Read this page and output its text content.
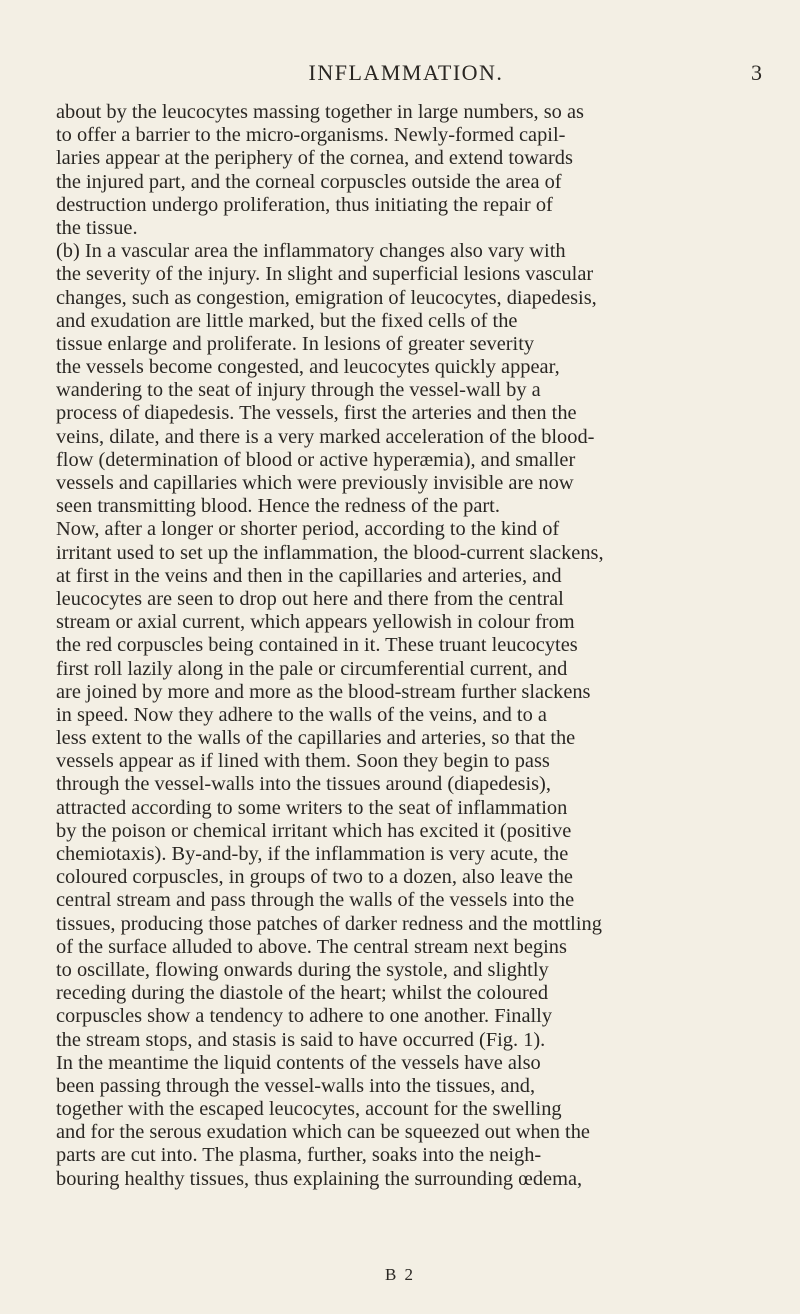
INFLAMMATION.	3
about by the leucocytes massing together in large numbers, so as
to offer a barrier to the micro-organisms. Newly-formed capil-
laries appear at the periphery of the cornea, and extend towards
the injured part, and the corneal corpuscles outside the area of
destruction undergo proliferation, thus initiating the repair of
the tissue.
(b) In a vascular area the inflammatory changes also vary with
the severity of the injury. In slight and superficial lesions vascular
changes, such as congestion, emigration of leucocytes, diapedesis,
and exudation are little marked, but the fixed cells of the
tissue enlarge and proliferate. In lesions of greater severity
the vessels become congested, and leucocytes quickly appear,
wandering to the seat of injury through the vessel-wall by a
process of diapedesis. The vessels, first the arteries and then the
veins, dilate, and there is a very marked acceleration of the blood-
flow (determination of blood or active hyperæmia), and smaller
vessels and capillaries which were previously invisible are now
seen transmitting blood. Hence the redness of the part.
Now, after a longer or shorter period, according to the kind of
irritant used to set up the inflammation, the blood-current slackens,
at first in the veins and then in the capillaries and arteries, and
leucocytes are seen to drop out here and there from the central
stream or axial current, which appears yellowish in colour from
the red corpuscles being contained in it. These truant leucocytes
first roll lazily along in the pale or circumferential current, and
are joined by more and more as the blood-stream further slackens
in speed. Now they adhere to the walls of the veins, and to a
less extent to the walls of the capillaries and arteries, so that the
vessels appear as if lined with them. Soon they begin to pass
through the vessel-walls into the tissues around (diapedesis),
attracted according to some writers to the seat of inflammation
by the poison or chemical irritant which has excited it (positive
chemiotaxis). By-and-by, if the inflammation is very acute, the
coloured corpuscles, in groups of two to a dozen, also leave the
central stream and pass through the walls of the vessels into the
tissues, producing those patches of darker redness and the mottling
of the surface alluded to above. The central stream next begins
to oscillate, flowing onwards during the systole, and slightly
receding during the diastole of the heart; whilst the coloured
corpuscles show a tendency to adhere to one another. Finally
the stream stops, and stasis is said to have occurred (Fig. 1).
In the meantime the liquid contents of the vessels have also
been passing through the vessel-walls into the tissues, and,
together with the escaped leucocytes, account for the swelling
and for the serous exudation which can be squeezed out when the
parts are cut into. The plasma, further, soaks into the neigh-
bouring healthy tissues, thus explaining the surrounding œdema,
B 2
